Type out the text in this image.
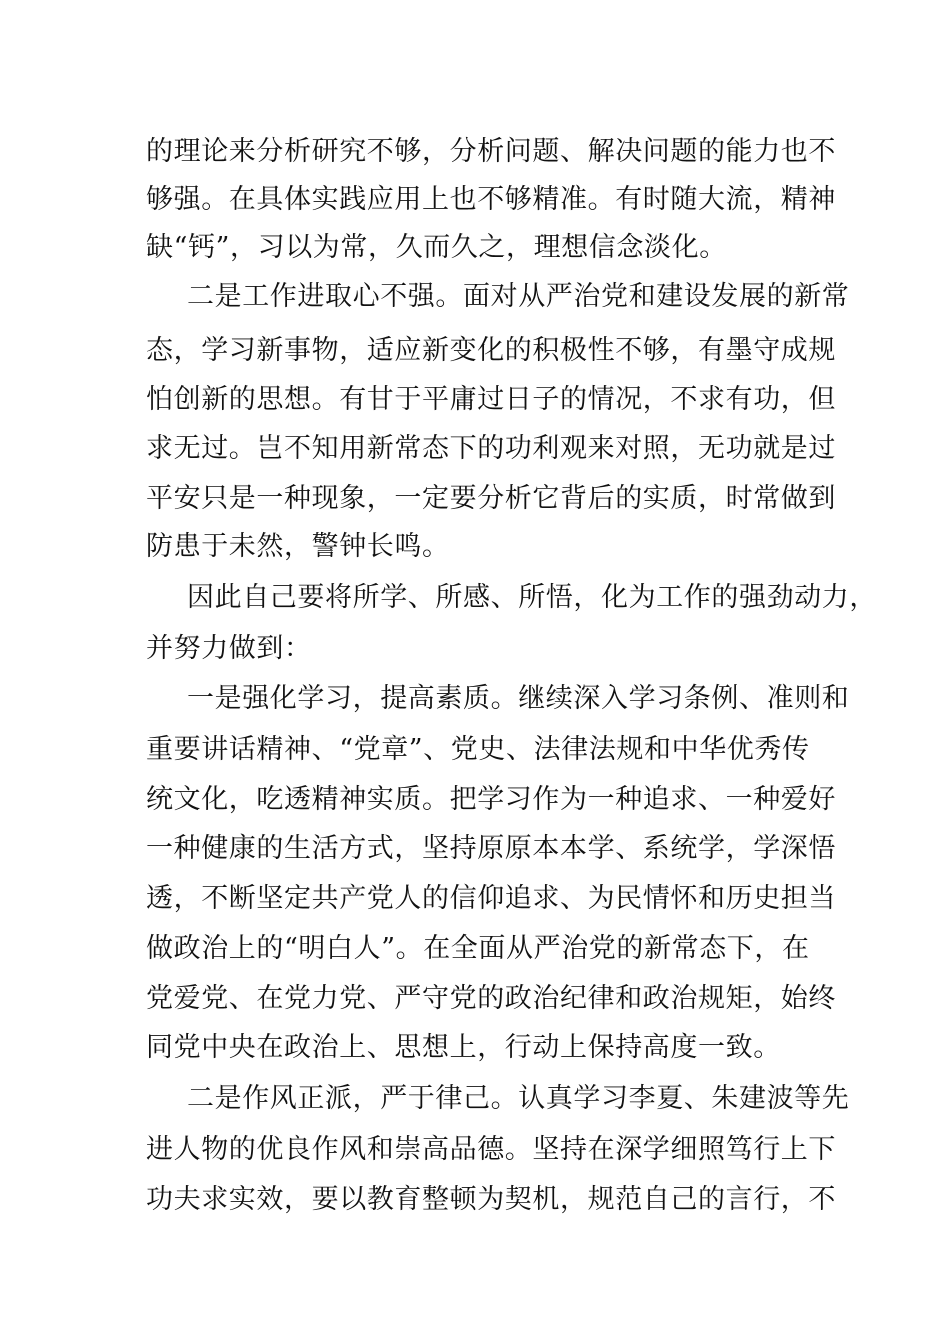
的理论来分析研究不够，分析问题、解决问题的能力也不
够强。在具体实践应用上也不够精准。有时随大流，精神
缺“钙”，习以为常，久而久之，理想信念淡化。
二是工作进取心不强。面对从严治党和建设发展的新常
态，学习新事物，适应新变化的积极性不够，有墨守成规
怕创新的思想。有甘于平庸过日子的情况，不求有功，但
求无过。岂不知用新常态下的功利观来对照，无功就是过
平安只是一种现象，一定要分析它背后的实质，时常做到
防患于未然，警钟长鸣。
因此自己要将所学、所感、所悟，化为工作的强劲动力，
并努力做到：
一是强化学习，提高素质。继续深入学习条例、准则和
重要讲话精神、“党章”、党史、法律法规和中华优秀传
统文化，吃透精神实质。把学习作为一种追求、一种爱好
一种健康的生活方式，坚持原原本本学、系统学，学深悟
透，不断坚定共产党人的信仰追求、为民情怀和历史担当
做政治上的“明白人”。在全面从严治党的新常态下，在
党爱党、在党力党、严守党的政治纪律和政治规矩，始终
同党中央在政治上、思想上，行动上保持高度一致。
二是作风正派，严于律己。认真学习李夏、朱建波等先
进人物的优良作风和崇高品德。坚持在深学细照笃行上下
功夫求实效，要以教育整顿为契机，规范自己的言行，不
